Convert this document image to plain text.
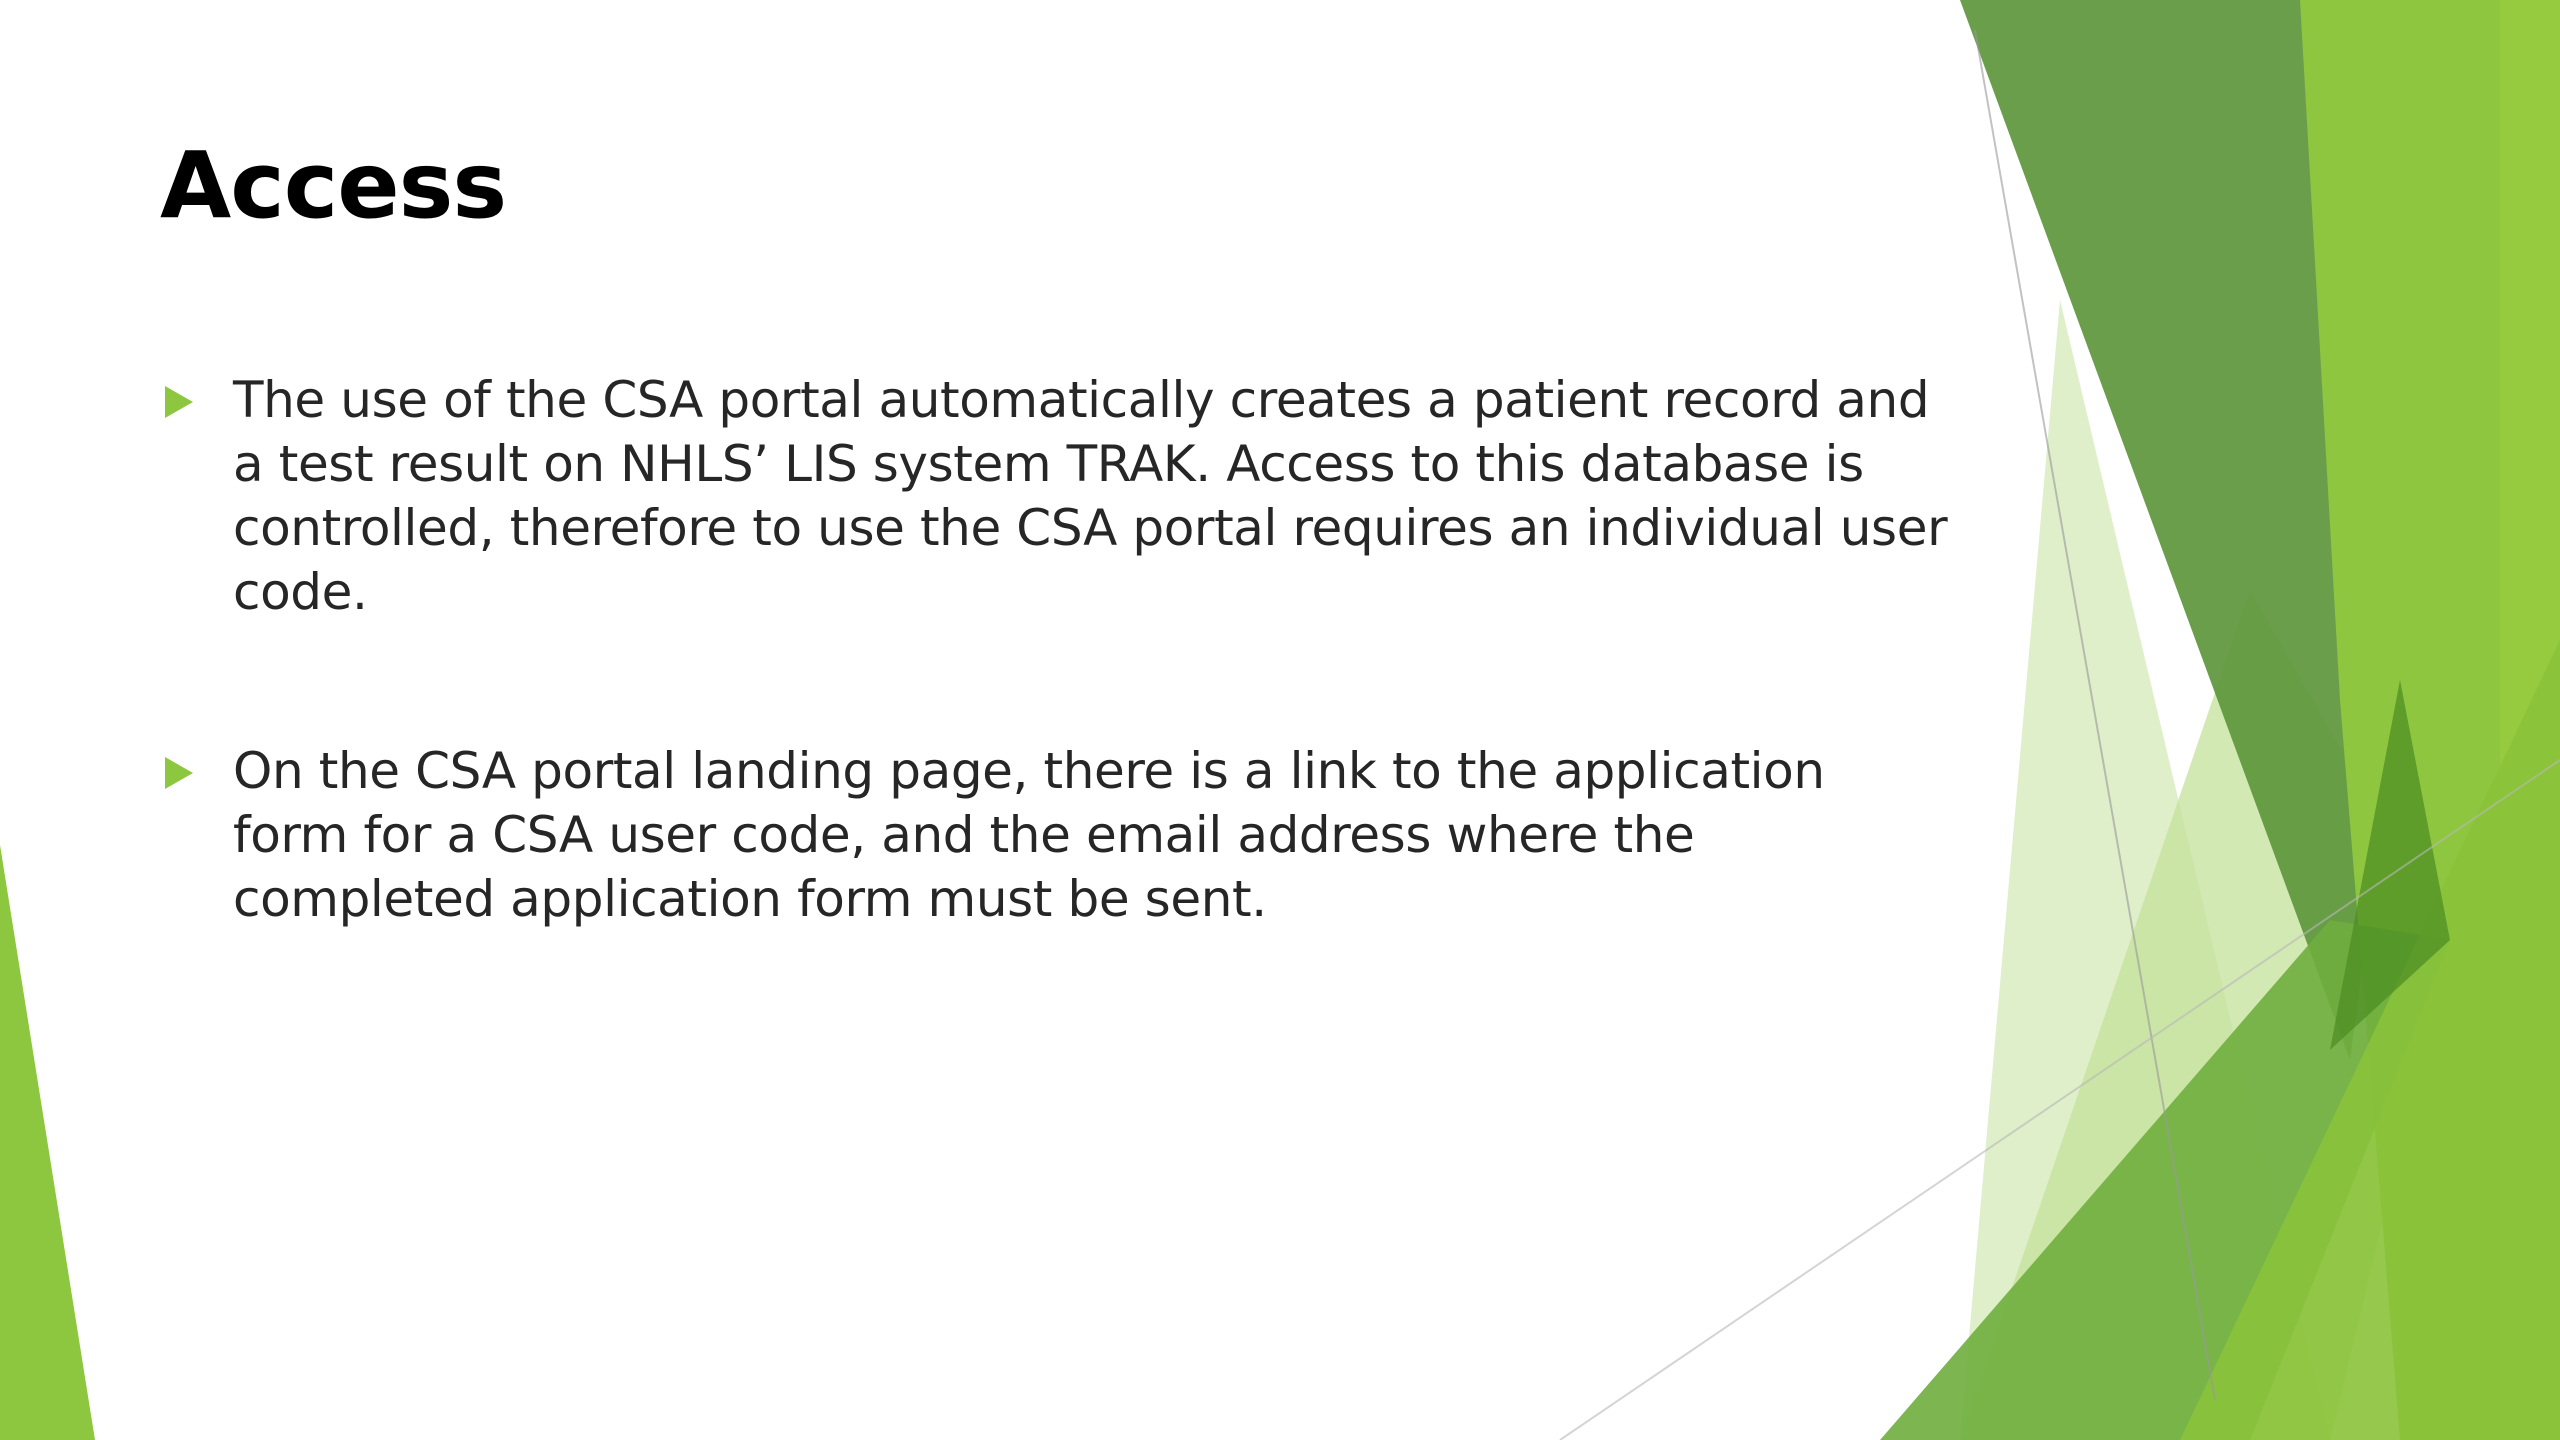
Access
The use of the CSA portal automatically creates a patient record and a test result on NHLS’ LIS system TRAK. Access to this database is controlled, therefore to use the CSA portal requires an individual user code.
On the CSA portal landing page, there is a link to the application form for a CSA user code, and the email address where the completed application form must be sent.
